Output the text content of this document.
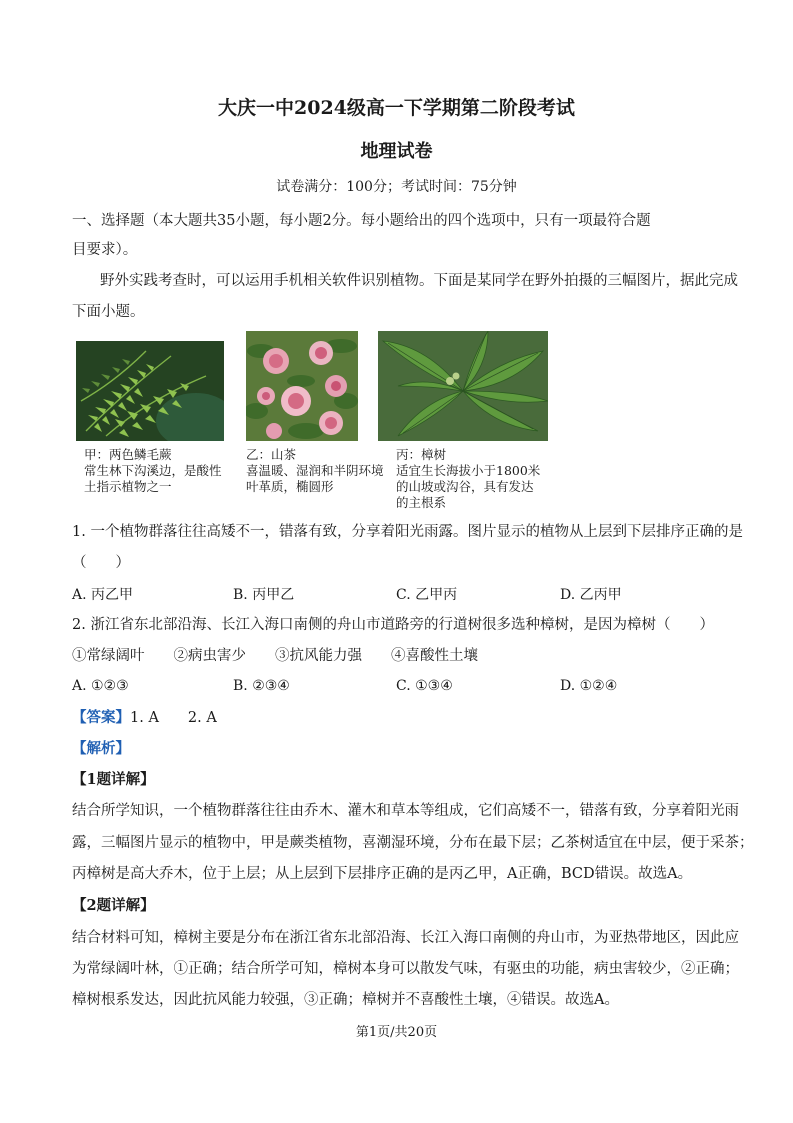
大庆一中2024级高一下学期第二阶段考试
地理试卷
试卷满分：100分；考试时间：75分钟
一、选择题（本大题共35小题，每小题2分。每小题给出的四个选项中，只有一项最符合题
目要求）。
野外实践考查时，可以运用手机相关软件识别植物。下面是某同学在野外拍摄的三幅图片，据此完成
下面小题。
甲：两色鳞毛蕨
常生林下沟溪边，是酸性
土指示植物之一
乙：山茶
喜温暖、湿润和半阴环境
叶革质，椭圆形
丙：樟树
适宜生长海拔小于1800米
的山坡或沟谷，具有发达
的主根系
1. 一个植物群落往往高矮不一，错落有致，分享着阳光雨露。图片显示的植物从上层到下层排序正确的是
（　　）
A. 丙乙甲	B. 丙甲乙	C. 乙甲丙	D. 乙丙甲
2. 浙江省东北部沿海、长江入海口南侧的舟山市道路旁的行道树很多选种樟树，是因为樟树（　　）
①常绿阔叶　　②病虫害少　　③抗风能力强　　④喜酸性土壤
A. ①②③	B. ②③④	C. ①③④	D. ①②④
【答案】1. A　　2. A
【解析】
【1题详解】
结合所学知识，一个植物群落往往由乔木、灌木和草本等组成，它们高矮不一，错落有致，分享着阳光雨
露，三幅图片显示的植物中，甲是蕨类植物，喜潮湿环境，分布在最下层；乙茶树适宜在中层，便于采茶；
丙樟树是高大乔木，位于上层；从上层到下层排序正确的是丙乙甲，A正确，BCD错误。故选A。
【2题详解】
结合材料可知，樟树主要是分布在浙江省东北部沿海、长江入海口南侧的舟山市，为亚热带地区，因此应
为常绿阔叶林，①正确；结合所学可知，樟树本身可以散发气味，有驱虫的功能，病虫害较少，②正确；
樟树根系发达，因此抗风能力较强，③正确；樟树并不喜酸性土壤，④错误。故选A。
第1页/共20页
